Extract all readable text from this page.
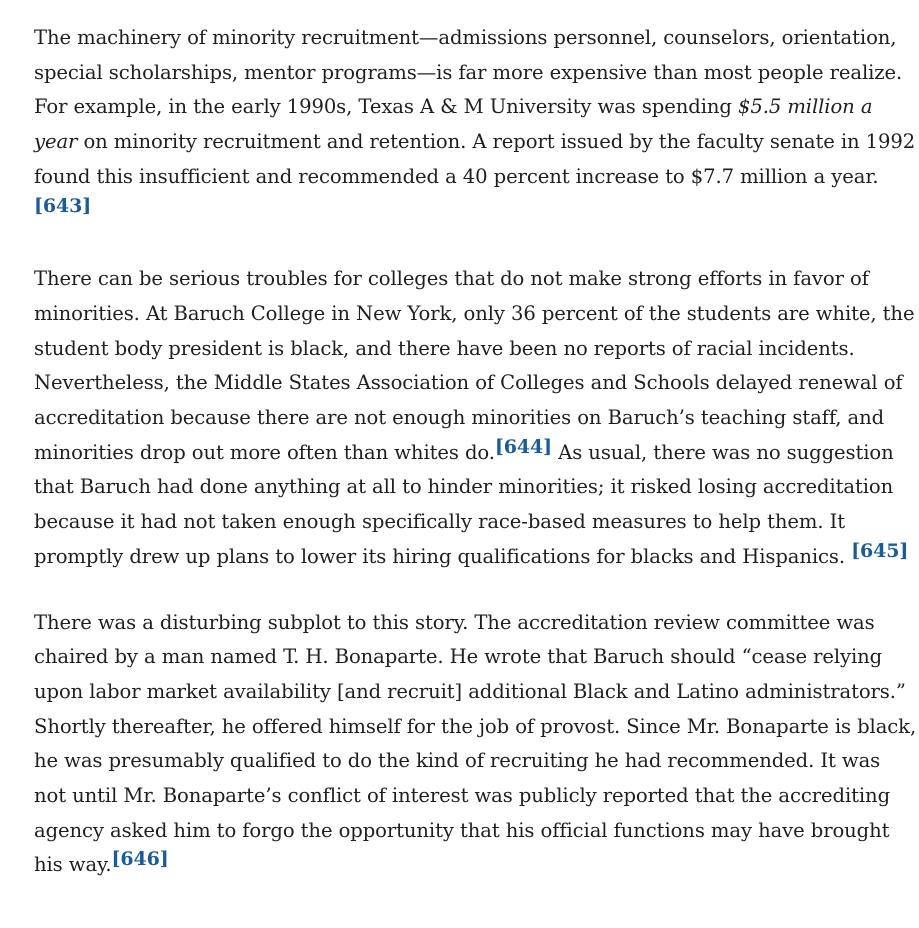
The machinery of minority recruitment—admissions personnel, counselors, orientation, special scholarships, mentor programs—is far more expensive than most people realize. For example, in the early 1990s, Texas A & M University was spending $5.5 million a year on minority recruitment and retention. A report issued by the faculty senate in 1992 found this insufficient and recommended a 40 percent increase to $7.7 million a year.[643]

There can be serious troubles for colleges that do not make strong efforts in favor of minorities. At Baruch College in New York, only 36 percent of the students are white, the student body president is black, and there have been no reports of racial incidents. Nevertheless, the Middle States Association of Colleges and Schools delayed renewal of accreditation because there are not enough minorities on Baruch’s teaching staff, and minorities drop out more often than whites do.[644] As usual, there was no suggestion that Baruch had done anything at all to hinder minorities; it risked losing accreditation because it had not taken enough specifically race-based measures to help them. It promptly drew up plans to lower its hiring qualifications for blacks and Hispanics. [645]

There was a disturbing subplot to this story. The accreditation review committee was chaired by a man named T. H. Bonaparte. He wrote that Baruch should “cease relying upon labor market availability [and recruit] additional Black and Latino administrators.” Shortly thereafter, he offered himself for the job of provost. Since Mr. Bonaparte is black, he was presumably qualified to do the kind of recruiting he had recommended. It was not until Mr. Bonaparte’s conflict of interest was publicly reported that the accrediting agency asked him to forgo the opportunity that his official functions may have brought his way.[646]
